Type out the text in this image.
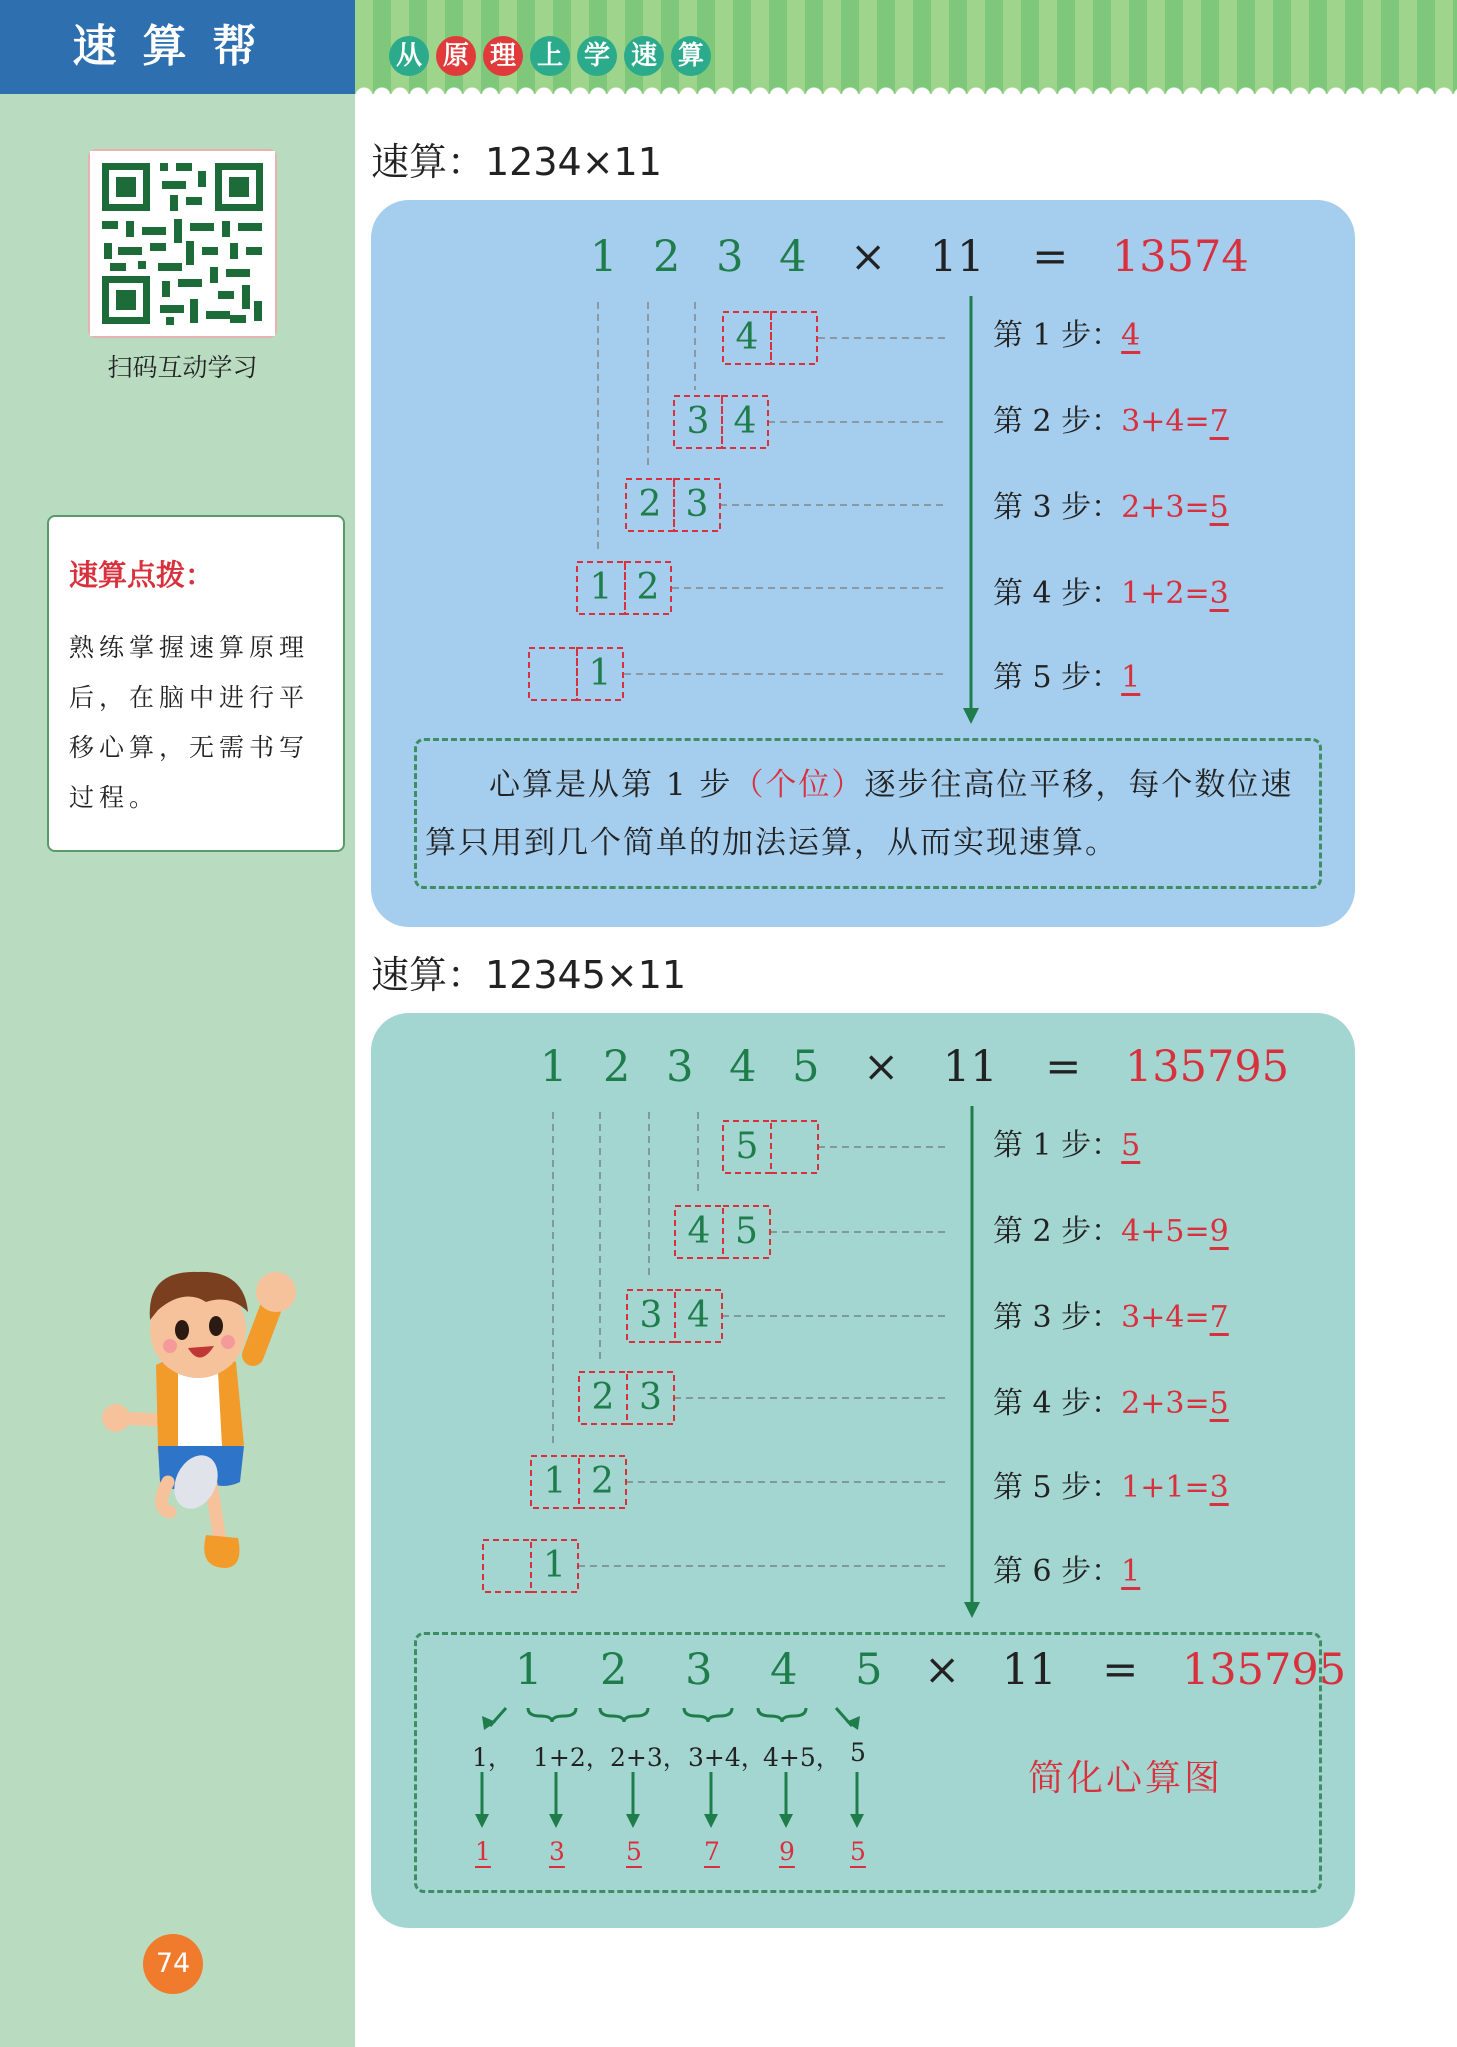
速算帮
扫码互动学习
速算点拨：
熟练掌握速算原理后，在脑中进行平移心算，无需书写过程。
74
从 原 理 上 学 速 算
速算：1234×11
1 2 3 4 × 11 = 13574
4
3 4
2 3
1 2
1
第 1 步：4
第 2 步：3+4=7
第 3 步：2+3=5
第 4 步：1+2=3
第 5 步：1
心算是从第 1 步（个位）逐步往高位平移，每个数位速算只用到几个简单的加法运算，从而实现速算。
速算：12345×11
1 2 3 4 5 × 11 = 135795
5
4 5
3 4
2 3
1 2
1
第 1 步：5
第 2 步：4+5=9
第 3 步：3+4=7
第 4 步：2+3=5
第 5 步：1+1=3
第 6 步：1
1 2 3 4 5 × 11 = 135795
1， 1+2， 2+3， 3+4，
4+5， 5
1 3 5 7 9 5
简化心算图
